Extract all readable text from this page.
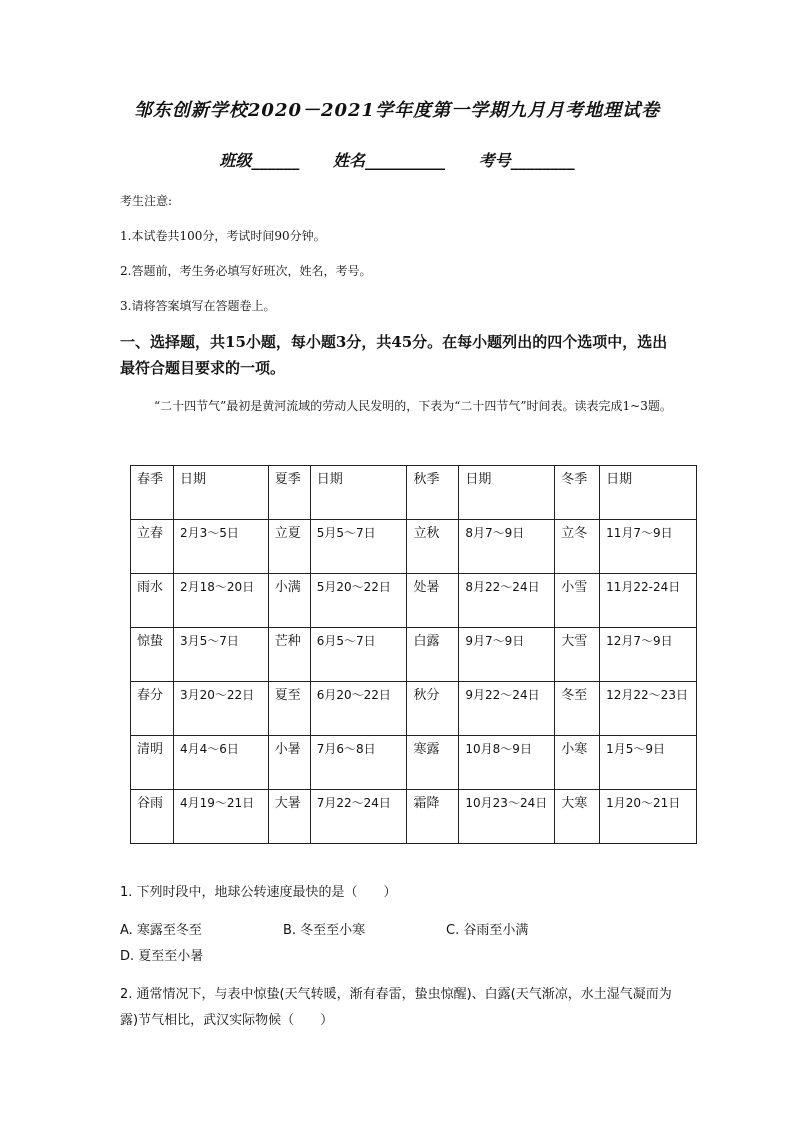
邹东创新学校2020－2021学年度第一学期九月月考地理试卷
班级______ 姓名__________ 考号________
考生注意:
1.本试卷共100分，考试时间90分钟。
2.答题前，考生务必填写好班次，姓名，考号。
3.请将答案填写在答题卷上。
一、选择题，共15小题，每小题3分，共45分。在每小题列出的四个选项中，选出最符合题目要求的一项。
“二十四节气”最初是黄河流域的劳动人民发明的，下表为“二十四节气”时间表。读表完成1~3题。
春季	日期	夏季	日期	秋季	日期	冬季	日期
立春	2月3～5日	立夏	5月5～7日	立秋	8月7～9日	立冬	11月7～9日
雨水	2月18～20日	小满	5月20～22日	处暑	8月22～24日	小雪	11月22-24日
惊蛰	3月5～7日	芒种	6月5～7日	白露	9月7～9日	大雪	12月7～9日
春分	3月20～22日	夏至	6月20～22日	秋分	9月22～24日	冬至	12月22～23日
清明	4月4～6日	小暑	7月6～8日	寒露	10月8～9日	小寒	1月5～9日
谷雨	4月19～21日	大暑	7月22～24日	霜降	10月23～24日	大寒	1月20～21日
1. 下列时段中，地球公转速度最快的是（　　）
A. 寒露至冬至	B. 冬至至小寒	C. 谷雨至小满D. 夏至至小暑
2. 通常情况下，与表中惊蛰(天气转暖，渐有春雷，蛰虫惊醒)、白露(天气渐凉，水土湿气凝而为露)节气相比，武汉实际物候（　　）
